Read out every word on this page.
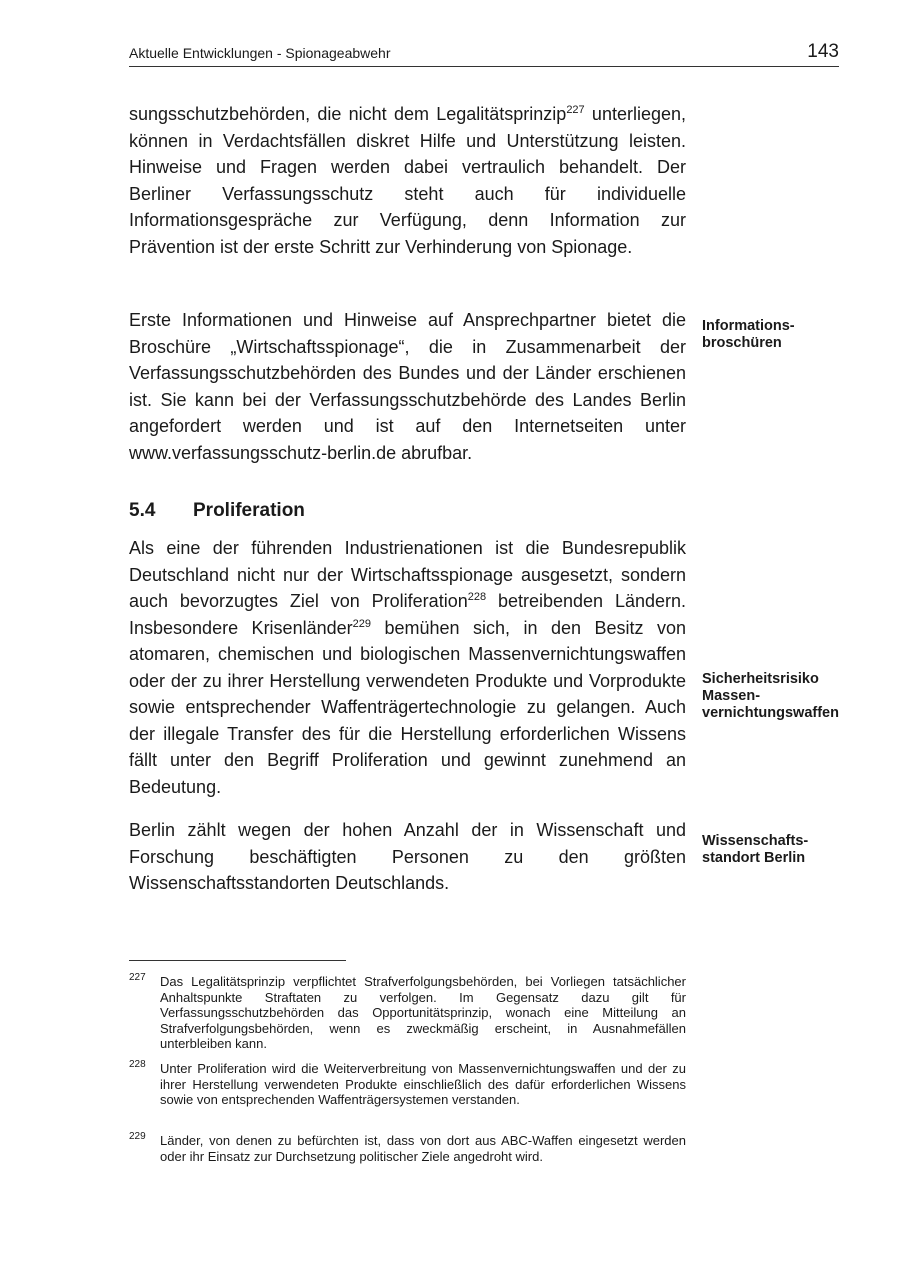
Aktuelle Entwicklungen - Spionageabwehr	143

sungsschutzbehörden, die nicht dem Legalitätsprinzip$^{227}$ unterliegen, können in Verdachtsfällen diskret Hilfe und Unterstützung leisten. Hinweise und Fragen werden dabei vertraulich behandelt. Der Berliner Verfassungsschutz steht auch für individuelle Informationsgespräche zur Verfügung, denn Information zur Prävention ist der erste Schritt zur Verhinderung von Spionage.

Erste Informationen und Hinweise auf Ansprechpartner bietet die Broschüre „Wirtschaftsspionage“, die in Zusammenarbeit der Verfassungsschutzbehörden des Bundes und der Länder erschienen ist. Sie kann bei der Verfassungsschutzbehörde des Landes Berlin angefordert werden und ist auf den Internetseiten unter www.verfassungsschutz-berlin.de abrufbar.

Informations-
broschüren
5.4 Proliferation

Als eine der führenden Industrienationen ist die Bundesrepublik Deutschland nicht nur der Wirtschaftsspionage ausgesetzt, sondern auch bevorzugtes Ziel von Proliferation$^{228}$ betreibenden Ländern. Insbesondere Krisenländer$^{229}$ bemühen sich, in den Besitz von atomaren, chemischen und biologischen Massenvernichtungswaffen oder der zu ihrer Herstellung verwendeten Produkte und Vorprodukte sowie entsprechender Waffenträgertechnologie zu gelangen. Auch der illegale Transfer des für die Herstellung erforderlichen Wissens fällt unter den Begriff Proliferation und gewinnt zunehmend an Bedeutung.

Sicherheitsrisiko
Massen-
vernichtungswaffen

Berlin zählt wegen der hohen Anzahl der in Wissenschaft und Forschung beschäftigten Personen zu den größten Wissenschaftsstandorten Deutschlands.

Wissenschafts-
standort Berlin
227 Das Legalitätsprinzip verpflichtet Strafverfolgungsbehörden, bei Vorliegen tatsächlicher Anhaltspunkte Straftaten zu verfolgen. Im Gegensatz dazu gilt für Verfassungsschutzbehörden das Opportunitätsprinzip, wonach eine Mitteilung an Strafverfolgungsbehörden, wenn es zweckmäßig erscheint, in Ausnahmefällen unterbleiben kann.
228 Unter Proliferation wird die Weiterverbreitung von Massenvernichtungswaffen und der zu ihrer Herstellung verwendeten Produkte einschließlich des dafür erforderlichen Wissens sowie von entsprechenden Waffenträgersystemen verstanden.
229 Länder, von denen zu befürchten ist, dass von dort aus ABC-Waffen eingesetzt werden oder ihr Einsatz zur Durchsetzung politischer Ziele angedroht wird.
